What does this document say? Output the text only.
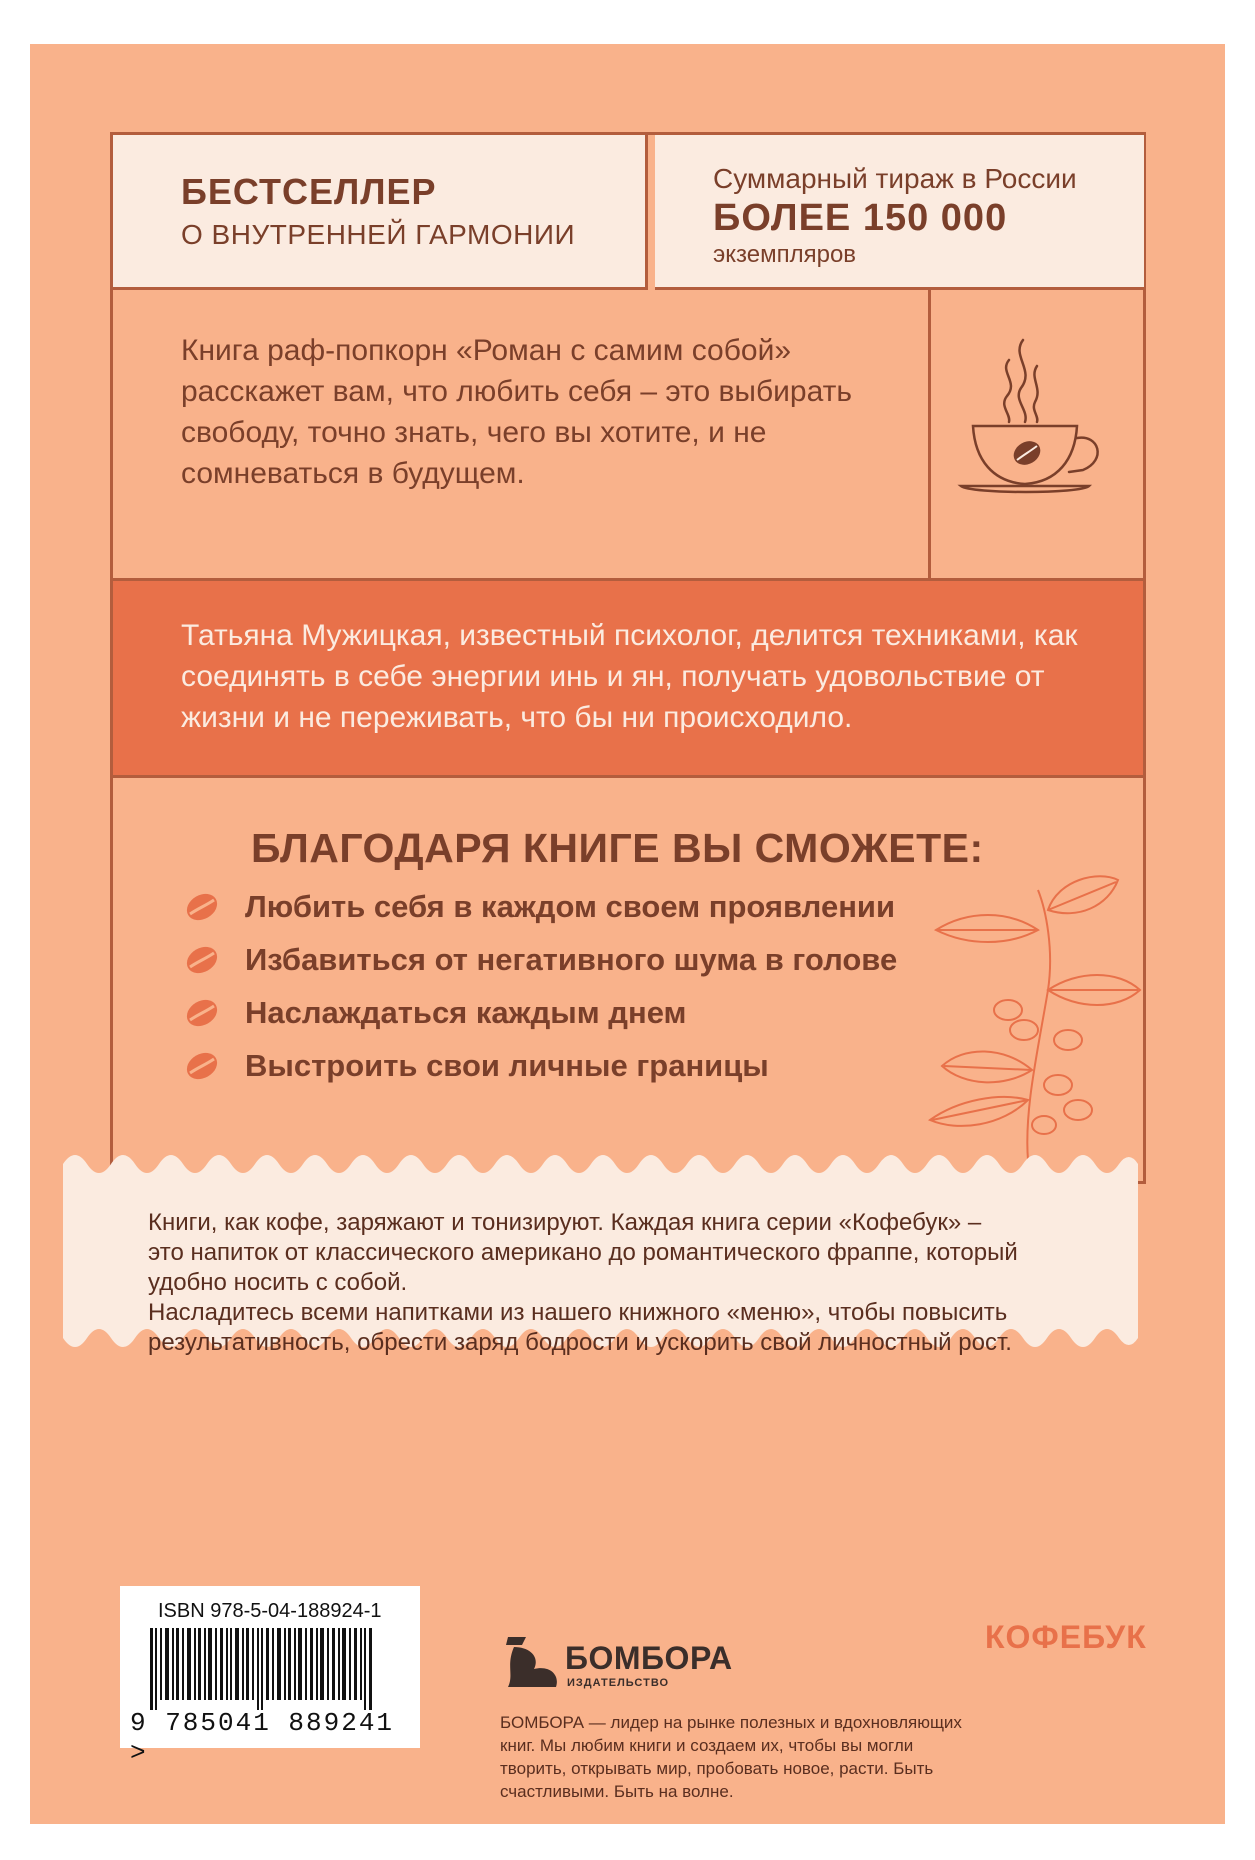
БЕСТСЕЛЛЕР
О ВНУТРЕННЕЙ ГАРМОНИИ
Суммарный тираж в России
БОЛЕЕ 150 000
экземпляров
Книга раф-попкорн «Роман с самим собой» расскажет вам, что любить себя – это выбирать свободу, точно знать, чего вы хотите, и не сомневаться в будущем.
Татьяна Мужицкая, известный психолог, делится техниками, как соединять в себе энергии инь и ян, получать удовольствие от жизни и не переживать, что бы ни происходило.
БЛАГОДАРЯ КНИГЕ ВЫ СМОЖЕТЕ:
Любить себя в каждом своем проявлении
Избавиться от негативного шума в голове
Наслаждаться каждым днем
Выстроить свои личные границы
Книги, как кофе, заряжают и тонизируют. Каждая книга серии «Кофебук» –
это напиток от классического американо до романтического фраппе, который
удобно носить с собой.
Насладитесь всеми напитками из нашего книжного «меню», чтобы повысить
результативность, обрести заряд бодрости и ускорить свой личностный рост.
ISBN 978-5-04-188924-1
9 785041 889241 >
БОМБОРА
ИЗДАТЕЛЬСТВО
БОМБОРА — лидер на рынке полезных и вдохновляющих книг. Мы любим книги и создаем их, чтобы вы могли творить, открывать мир, пробовать новое, расти. Быть счастливыми. Быть на волне.
КОФЕБУК
